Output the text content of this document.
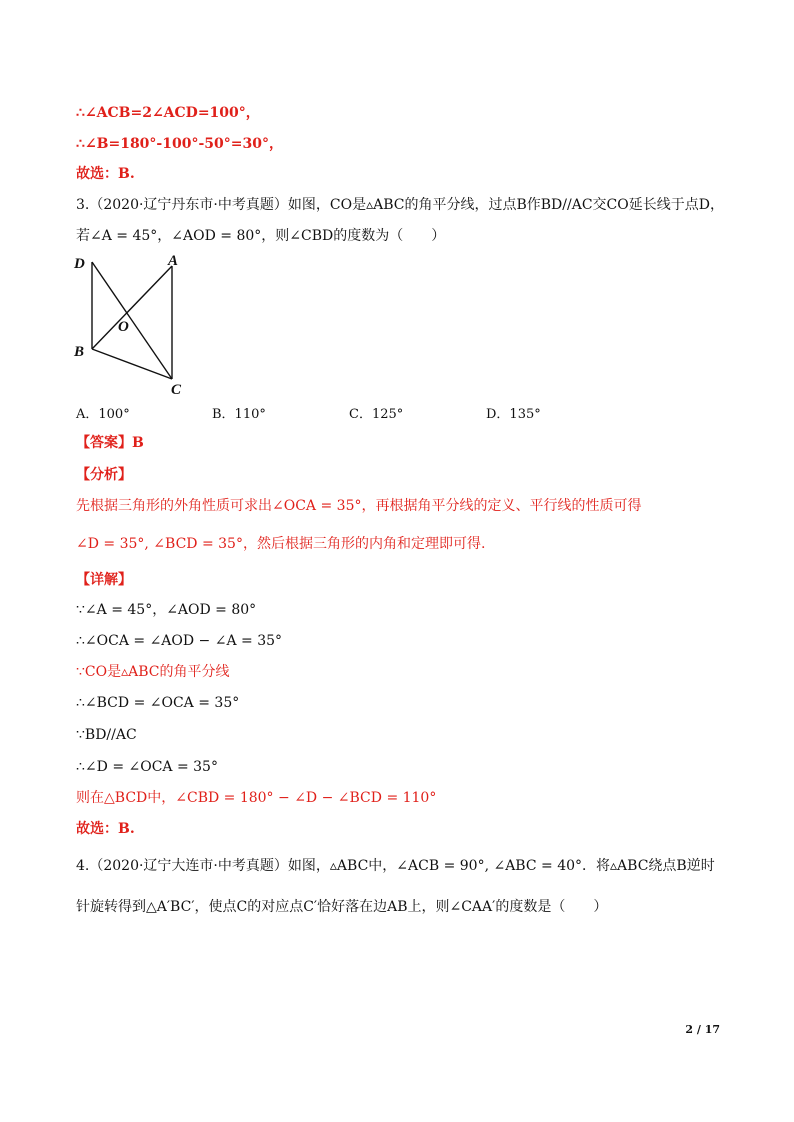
∴∠ACB=2∠ACD=100°，
∴∠B=180°-100°-50°=30°，
故选：B.
3.（2020·辽宁丹东市·中考真题）如图，CO是▵ABC的角平分线，过点B作BD//AC交CO延长线于点D，
若∠A = 45°，∠AOD = 80°，则∠CBD的度数为（　　）
D	A
O
B
C
A．100°	B．110°	C．125°	D．135°
【答案】B
【分析】
先根据三角形的外角性质可求出∠OCA = 35°，再根据角平分线的定义、平行线的性质可得
∠D = 35°, ∠BCD = 35°，然后根据三角形的内角和定理即可得.
【详解】
∵∠A = 45°，∠AOD = 80°
∴∠OCA = ∠AOD − ∠A = 35°
∵CO是▵ABC的角平分线
∴∠BCD = ∠OCA = 35°
∵BD//AC
∴∠D = ∠OCA = 35°
则在△BCD中，∠CBD = 180° − ∠D − ∠BCD = 110°
故选：B.
4.（2020·辽宁大连市·中考真题）如图，▵ABC中，∠ACB = 90°, ∠ABC = 40°．将▵ABC绕点B逆时
针旋转得到△A′BC′，使点C的对应点C′恰好落在边AB上，则∠CAA′的度数是（　　）
2 / 17
